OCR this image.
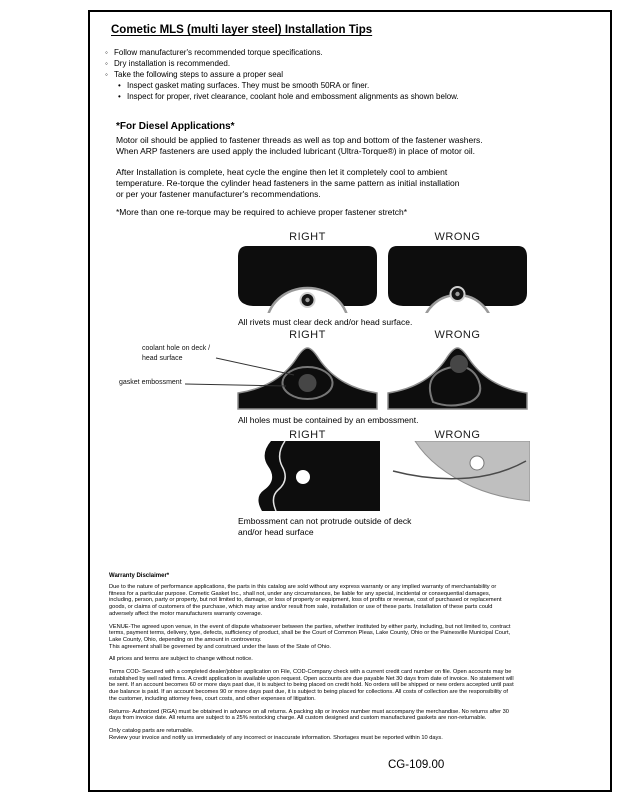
Cometic MLS (multi layer steel) Installation Tips
◦ Follow manufacturer's recommended torque specifications.
◦ Dry installation is recommended.
◦ Take the following steps to assure a proper seal
• Inspect gasket mating surfaces. They must be smooth 50RA or finer.
• Inspect for proper, rivet clearance, coolant hole and embossment alignments as shown below.
*For Diesel Applications*
Motor oil should be applied to fastener threads as well as top and bottom of the fastener washers.
When ARP fasteners are used apply the included lubricant (Ultra-Torque®) in place of motor oil.
After Installation is complete, heat cycle the engine then let it completely cool to ambient
temperature. Re-torque the cylinder head fasteners in the same pattern as initial installation
or per your fastener manufacturer's recommendations.
*More than one re-torque may be required to achieve proper fastener stretch*
RIGHT	WRONG
All rivets must clear deck and/or head surface.
RIGHT	WRONG
coolant hole on deck / head surface
gasket embossment
All holes must be contained by an embossment.
RIGHT	WRONG
Embossment can not protrude outside of deck and/or head surface
Warranty Disclaimer*

Due to the nature of performance applications, the parts in this catalog are sold without any express warranty or any implied warranty of merchantability or fitness for a particular purpose. Cometic Gasket Inc., shall not, under any circumstances, be liable for any special, incidental or consequential damages, including, person, party or property, but not limited to, damage, or loss of property or equipment, loss of profits or revenue, cost of purchased or replacement goods, or claims of customers of the purchase, which may arise and/or result from sale, installation or use of these parts. Installation of these parts could adversely affect the motor manufacturers warranty coverage.

VENUE-The agreed upon venue, in the event of dispute whatsoever between the parties, whether instituted by either party, including, but not limited to, contract terms, payment terms, delivery, type, defects, sufficiency of product, shall be the Court of Common Pleas, Lake County, Ohio or the Painesville Municipal Court, Lake County, Ohio, depending on the amount in controversy.

This agreement shall be governed by and construed under the laws of the State of Ohio.

All prices and terms are subject to change without notice.

Terms COD- Secured with a completed dealer/jobber application on File, COD-Company check with a current credit card number on file. Open accounts may be established by well rated firms. A credit application is available upon request. Open accounts are due payable Net 30 days from date of invoice. No statement will be sent. If an account becomes 60 or more days past due, it is subject to being placed on credit hold. No orders will be shipped or new orders accepted until past due balance is paid. If an account becomes 90 or more days past due, it is subject to being placed for collections. All costs of collection are the responsibility of the customer, including attorney fees, court costs, and other expenses of litigation.

Returns- Authorized (RGA) must be obtained in advance on all returns. A packing slip or invoice number must accompany the merchandise. No returns after 30 days from invoice date. All returns are subject to a 25% restocking charge. All custom designed and custom manufactured gaskets are non-returnable.

Only catalog parts are returnable.

Review your invoice and notify us immediately of any incorrect or inaccurate information. Shortages must be reported within 10 days.

CG-109.00
